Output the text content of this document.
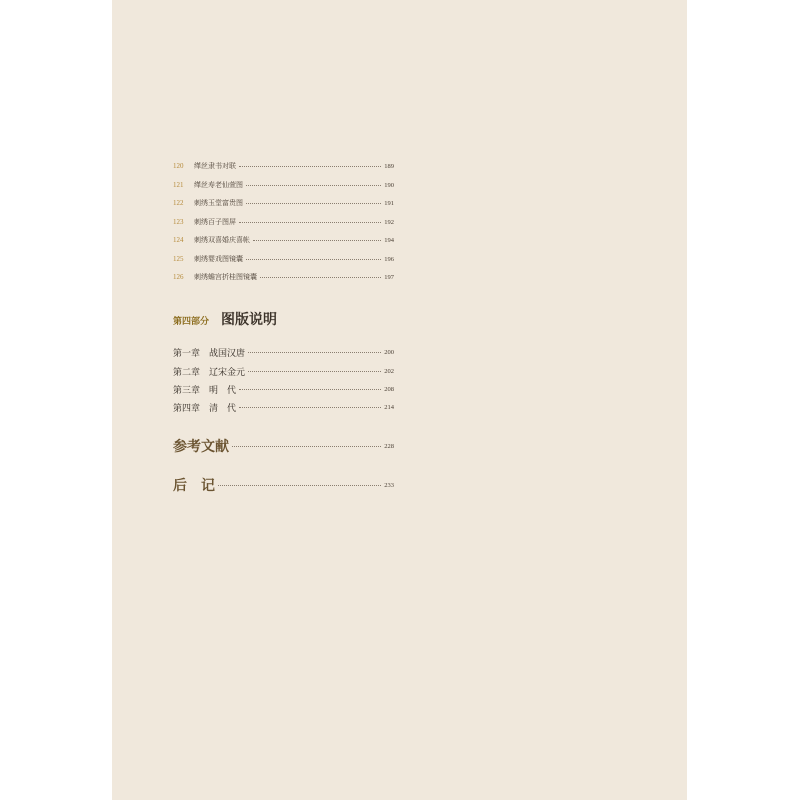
120	缂丝隶书对联	189
121	缂丝寿老仙萱图	190
122	刺绣玉堂富贵图	191
123	刺绣百子图屏	192
124	刺绣双喜婚庆喜帐	194
125	刺绣婴戏图镜囊	196
126	刺绣蟾宫折桂图镜囊	197
第四部分 图版说明
第一章 战国汉唐	200
第二章 辽宋金元	202
第三章 明　代	208
第四章 清　代	214
参考文献	228
后　记	233
